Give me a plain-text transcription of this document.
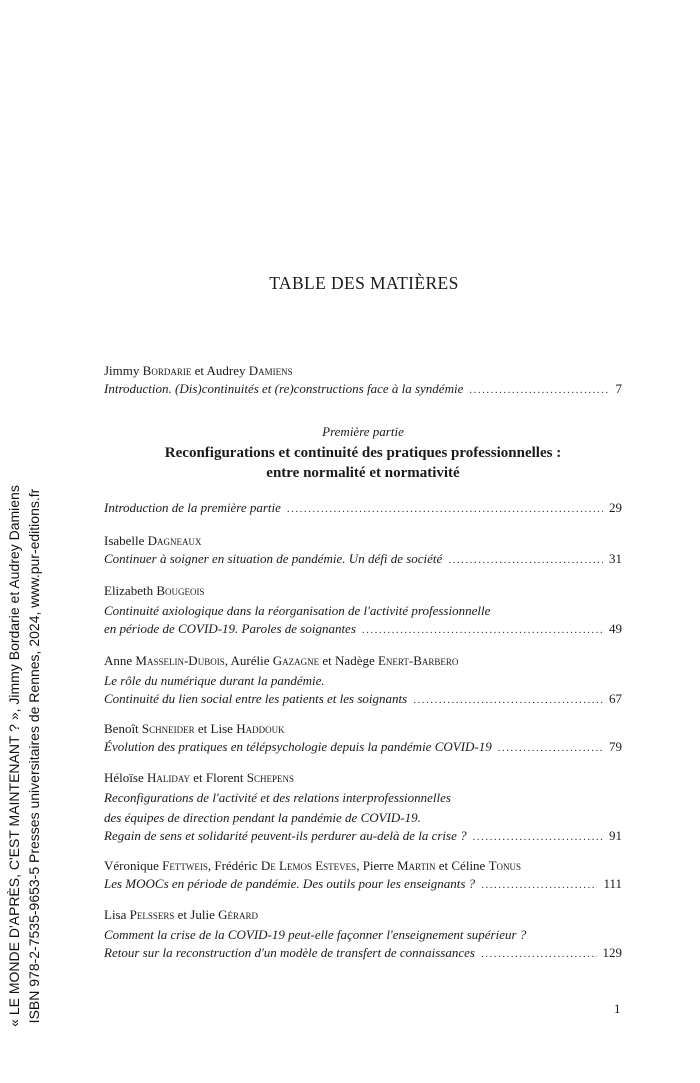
« LE MONDE D'APRÈS, C'EST MAINTENANT ? », Jimmy Bordarie et Audrey Damiens ISBN 978-2-7535-9653-5 Presses universitaires de Rennes, 2024, www.pur-editions.fr
TABLE DES MATIÈRES
Jimmy Bordarie et Audrey Damiens
Introduction. (Dis)continuités et (re)constructions face à la syndémie .....	7
Première partie
Reconfigurations et continuité des pratiques professionnelles :
entre normalité et normativité
Introduction de la première partie .....	29
Isabelle Dagneaux
Continuer à soigner en situation de pandémie. Un défi de société .....	31
Elizabeth Bougeois
Continuité axiologique dans la réorganisation de l'activité professionnelle
en période de COVID-19. Paroles de soignantes .....	49
Anne Masselin-Dubois, Aurélie Gazagne et Nadège Enert-Barbero
Le rôle du numérique durant la pandémie.
Continuité du lien social entre les patients et les soignants .....	67
Benoît Schneider et Lise Haddouk
Évolution des pratiques en télépsychologie depuis la pandémie COVID-19 .....	79
Héloïse Haliday et Florent Schepens
Reconfigurations de l'activité et des relations interprofessionnelles
des équipes de direction pendant la pandémie de COVID-19.
Regain de sens et solidarité peuvent-ils perdurer au-delà de la crise ? .....	91
Véronique Fettweis, Frédéric De Lemos Esteves, Pierre Martin et Céline Tonus
Les MOOCs en période de pandémie. Des outils pour les enseignants ? .....	111
Lisa Pelssers et Julie Gérard
Comment la crise de la COVID-19 peut-elle façonner l'enseignement supérieur ?
Retour sur la reconstruction d'un modèle de transfert de connaissances .....	129
1
